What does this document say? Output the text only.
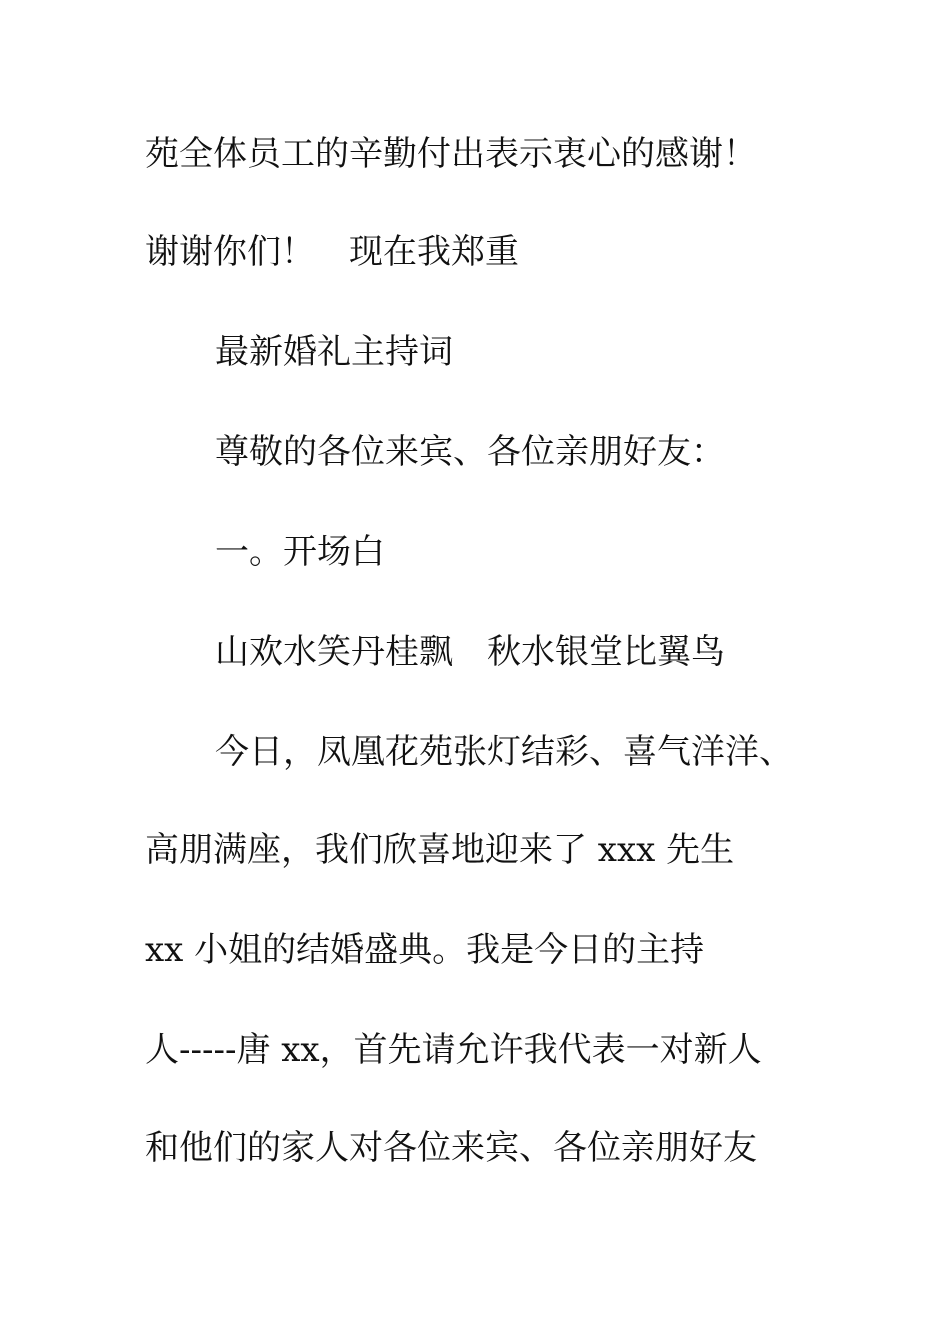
苑全体员工的辛勤付出表示衷心的感谢！
谢谢你们！　现在我郑重
最新婚礼主持词
尊敬的各位来宾、各位亲朋好友：
一。开场白
山欢水笑丹桂飘　秋水银堂比翼鸟
今日，凤凰花苑张灯结彩、喜气洋洋、
高朋满座，我们欣喜地迎来了 xxx 先生
xx 小姐的结婚盛典。我是今日的主持
人-----唐 xx，首先请允许我代表一对新人
和他们的家人对各位来宾、各位亲朋好友
